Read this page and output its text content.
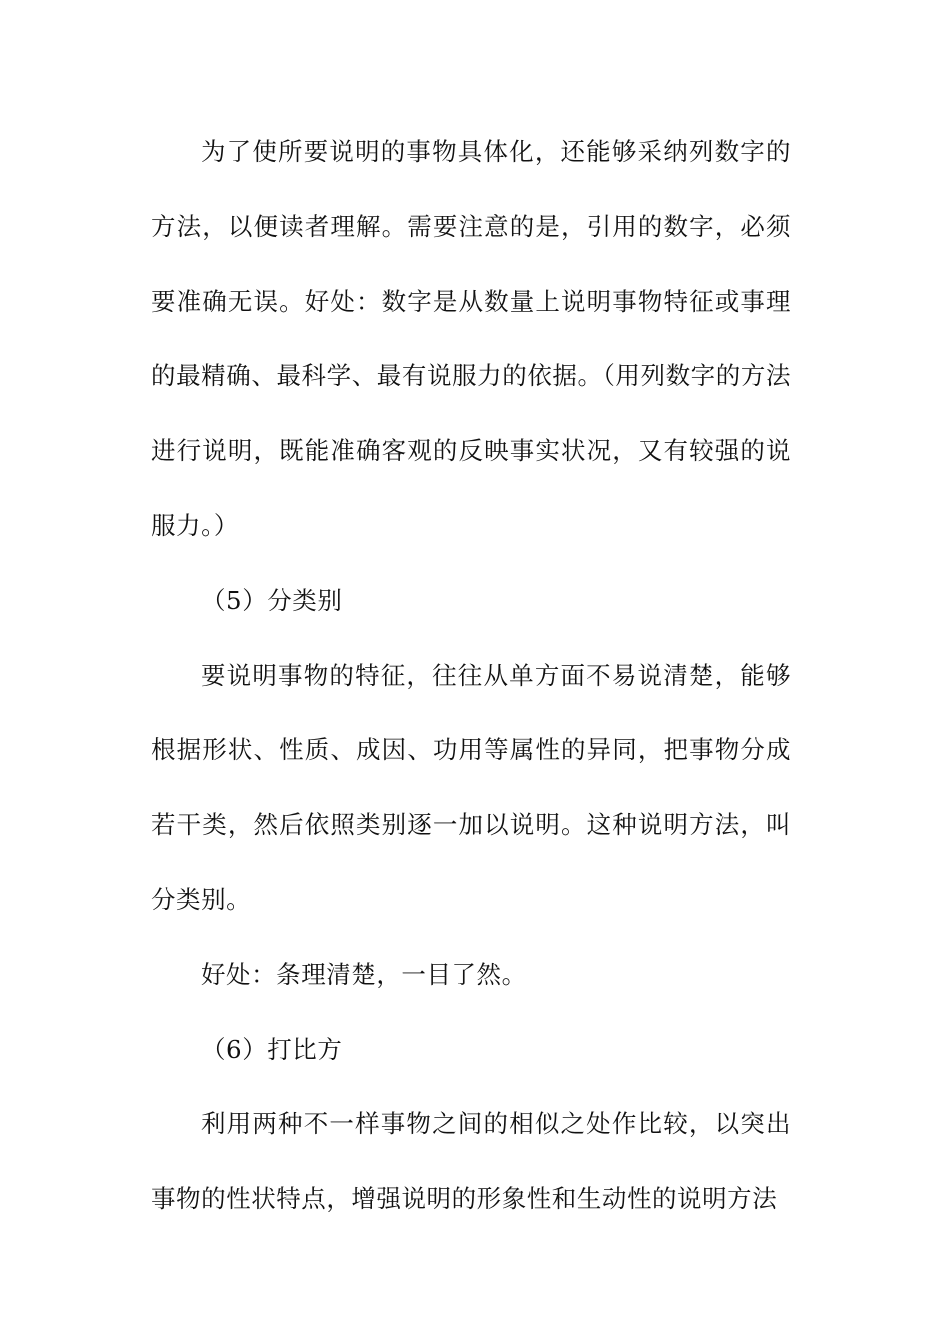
为了使所要说明的事物具体化，还能够采纳列数字的方法，以便读者理解。需要注意的是，引用的数字，必须要准确无误。好处：数字是从数量上说明事物特征或事理的最精确、最科学、最有说服力的依据。（用列数字的方法进行说明，既能准确客观的反映事实状况，又有较强的说服力。）

（5）分类别

要说明事物的特征，往往从单方面不易说清楚，能够根据形状、性质、成因、功用等属性的异同，把事物分成若干类，然后依照类别逐一加以说明。这种说明方法，叫分类别。

好处：条理清楚，一目了然。

（6）打比方

利用两种不一样事物之间的相似之处作比较，以突出事物的性状特点，增强说明的形象性和生动性的说明方法
